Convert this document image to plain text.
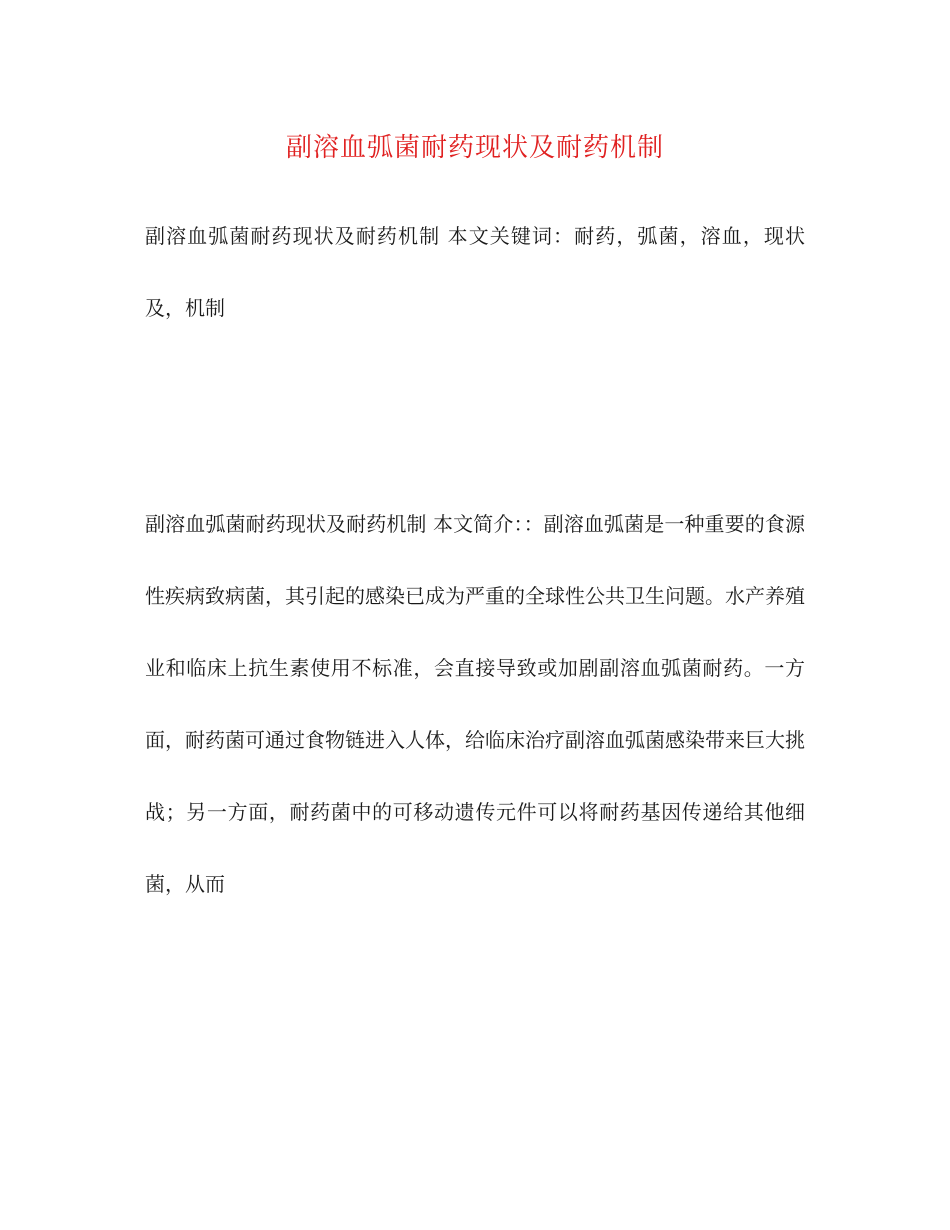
副溶血弧菌耐药现状及耐药机制

副溶血弧菌耐药现状及耐药机制 本文关键词：耐药，弧菌，溶血，现状及，机制

副溶血弧菌耐药现状及耐药机制 本文简介：：副溶血弧菌是一种重要的食源性疾病致病菌，其引起的感染已成为严重的全球性公共卫生问题。水产养殖业和临床上抗生素使用不标准，会直接导致或加剧副溶血弧菌耐药。一方面，耐药菌可通过食物链进入人体，给临床治疗副溶血弧菌感染带来巨大挑战；另一方面，耐药菌中的可移动遗传元件可以将耐药基因传递给其他细菌，从而
